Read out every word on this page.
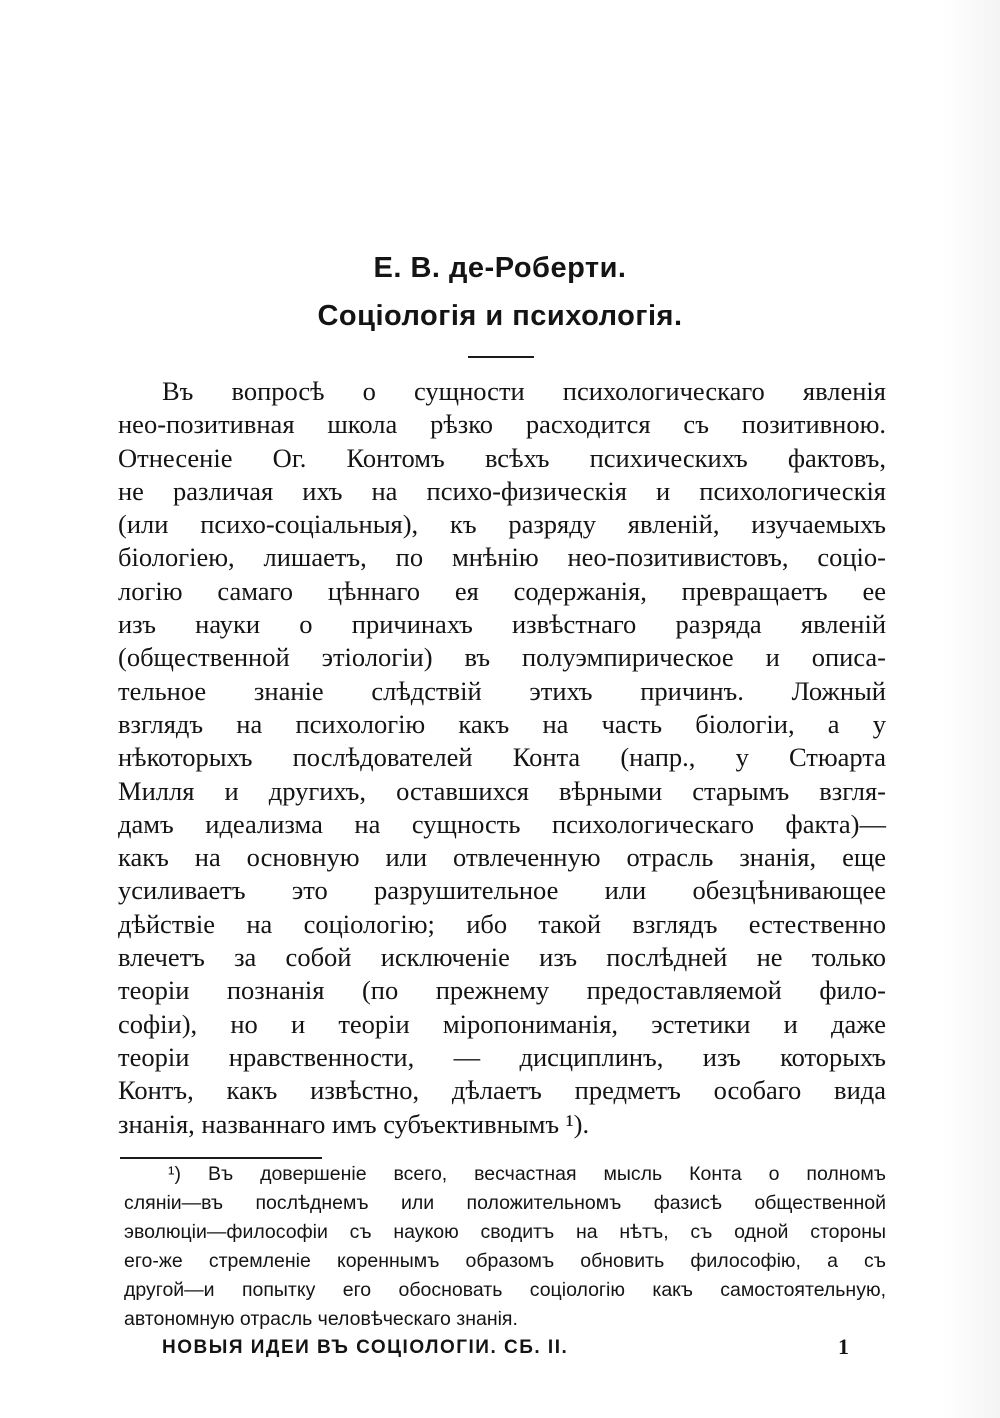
Е. В. де-Роберти.
Соціологія и психологія.
Въ вопросѣ о сущности психологическаго явленія
нео-позитивная школа рѣзко расходится съ позитивною.
Отнесеніе Ог. Контомъ всѣхъ психическихъ фактовъ,
не различая ихъ на психо-физическія и психологическія
(или психо-соціальныя), къ разряду явленій, изучаемыхъ
біологіею, лишаетъ, по мнѣнію нео-позитивистовъ, соціо-
логію самаго цѣннаго ея содержанія, превращаетъ ее
изъ науки о причинахъ извѣстнаго разряда явленій
(общественной этіологіи) въ полуэмпирическое и описа-
тельное знаніе слѣдствій этихъ причинъ. Ложный
взглядъ на психологію какъ на часть біологіи, а у
нѣкоторыхъ послѣдователей Конта (напр., у Стюарта
Милля и другихъ, оставшихся вѣрными старымъ взгля-
дамъ идеализма на сущность психологическаго факта)—
какъ на основную или отвлеченную отрасль знанія, еще
усиливаетъ это разрушительное или обезцѣнивающее
дѣйствіе на соціологію; ибо такой взглядъ естественно
влечетъ за собой исключеніе изъ послѣдней не только
теоріи познанія (по прежнему предоставляемой фило-
софіи), но и теоріи міропониманія, эстетики и даже
теоріи нравственности, — дисциплинъ, изъ которыхъ
Контъ, какъ извѣстно, дѣлаетъ предметъ особаго вида
знанія, названнаго имъ субъективнымъ ¹).
¹) Въ довершеніе всего, весчастная мысль Конта о полномъ
сляніи—въ послѣднемъ или положительномъ фазисѣ общественной
эволюціи—философіи съ наукою сводитъ на нѣтъ, съ одной стороны
его-же стремленіе кореннымъ образомъ обновить философію, а съ
другой—и попытку его обосновать соціологію какъ самостоятельную,
автономную отрасль человѣческаго знанія.
НОВЫЯ ИДЕИ ВЪ СОЦІОЛОГІИ. СБ. II.	1
